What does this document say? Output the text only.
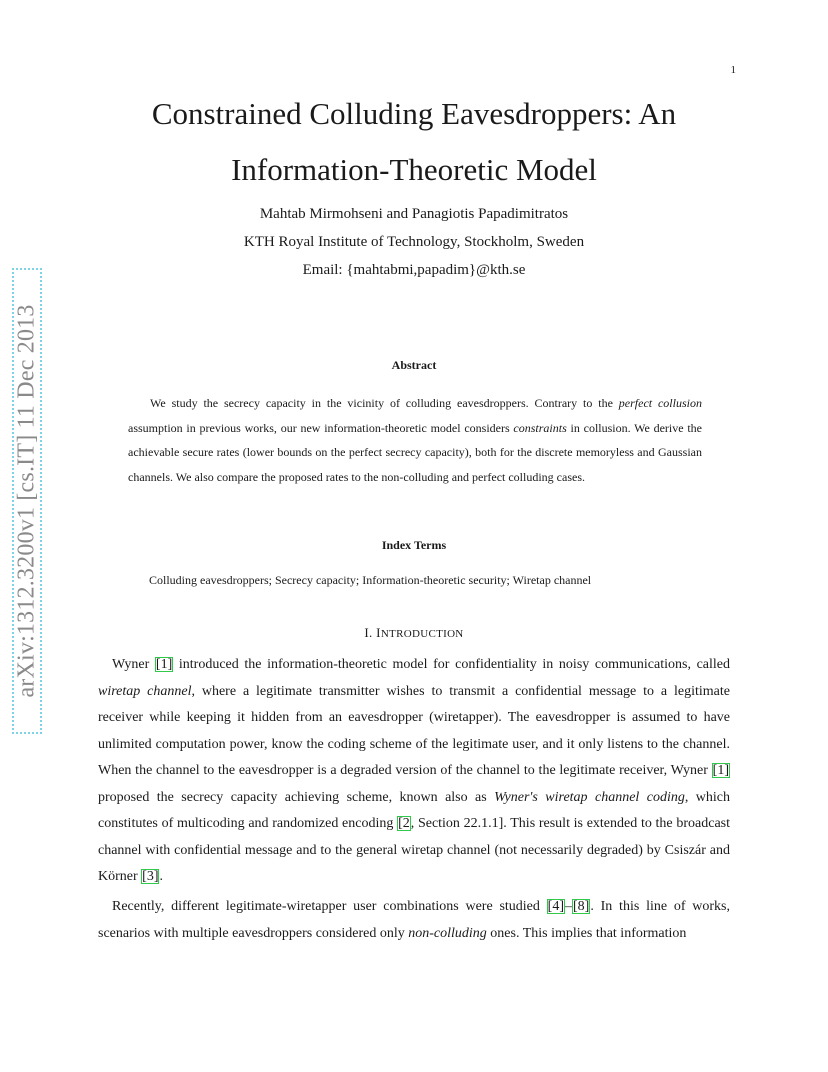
1
arXiv:1312.3200v1 [cs.IT] 11 Dec 2013
Constrained Colluding Eavesdroppers: An
Information-Theoretic Model
Mahtab Mirmohseni and Panagiotis Papadimitratos
KTH Royal Institute of Technology, Stockholm, Sweden
Email: {mahtabmi,papadim}@kth.se
Abstract

We study the secrecy capacity in the vicinity of colluding eavesdroppers. Contrary to the perfect collusion assumption in previous works, our new information-theoretic model considers constraints in collusion. We derive the achievable secure rates (lower bounds on the perfect secrecy capacity), both for the discrete memoryless and Gaussian channels. We also compare the proposed rates to the non-colluding and perfect colluding cases.

Index Terms
Colluding eavesdroppers; Secrecy capacity; Information-theoretic security; Wiretap channel
I. INTRODUCTION

Wyner [1] introduced the information-theoretic model for confidentiality in noisy communications, called wiretap channel, where a legitimate transmitter wishes to transmit a confidential message to a legitimate receiver while keeping it hidden from an eavesdropper (wiretapper). The eavesdropper is assumed to have unlimited computation power, know the coding scheme of the legitimate user, and it only listens to the channel. When the channel to the eavesdropper is a degraded version of the channel to the legitimate receiver, Wyner [1] proposed the secrecy capacity achieving scheme, known also as Wyner's wiretap channel coding, which constitutes of multicoding and randomized encoding [2, Section 22.1.1]. This result is extended to the broadcast channel with confidential message and to the general wiretap channel (not necessarily degraded) by Csiszár and Körner [3].

Recently, different legitimate-wiretapper user combinations were studied [4]–[8]. In this line of works, scenarios with multiple eavesdroppers considered only non-colluding ones. This implies that information
